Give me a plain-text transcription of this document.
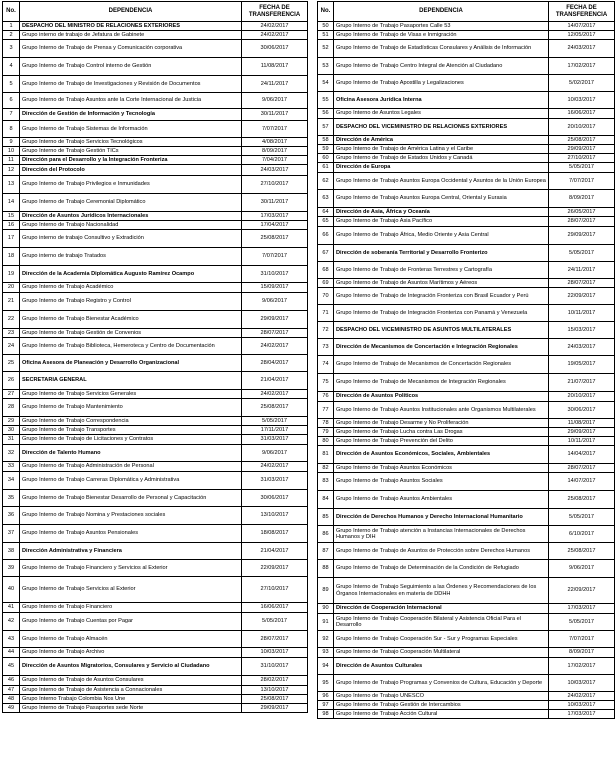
No.	DEPENDENCIA	FECHA DE TRANSFERENCIA
1	DESPACHO DEL MINISTRO DE RELACIONES EXTERIORES	24/02/2017
2	Grupo interno de trabajo de Jefatura de Gabinete	24/02/2017
3	Grupo Interno de Trabajo de Prensa y Comunicación corporativa	30/06/2017
4	Grupo Interno de Trabajo Control interno de Gestión	11/08/2017
5	Grupo Interno de Trabajo de Investigaciones y Revisión de Documentos	24/11/2017
6	Grupo Interno de Trabajo Asuntos ante la Corte Internacional de Justicia	9/06/2017
7	Dirección de Gestión de Información y Tecnología	30/11/2017
8	Grupo Interno de Trabajo Sistemas de Información	7/07/2017
9	Grupo Interno de Trabajo Servicios Tecnológicos	4/08/2017
10	Grupo Interno de Trabajo Gestión TICs	8/09/2017
11	Dirección para el Desarrollo y la Integración Fronteriza	7/04/2017
12	Dirección del Protocolo	24/03/2017
13	Grupo Interno de Trabajo Privilegios e Inmunidades	27/10/2017
14	Grupo Interno de Trabajo Ceremonial Diplomático	30/11/2017
15	Dirección de Asuntos Jurídicos Internacionales	17/03/2017
16	Grupo Interno de Trabajo Nacionalidad	17/04/2017
17	Grupo interno de trabajo Consultivo y Extradición	25/08/2017
18	Grupo interno de trabajo Tratados	7/07/2017
19	Dirección de la Academia Diplomática Augusto Ramírez Ocampo	31/10/2017
20	Grupo Interno de Trabajo Académico	15/09/2017
21	Grupo Interno de Trabajo Registro y Control	9/06/2017
22	Grupo Interno de Trabajo Bienestar Académico	29/09/2017
23	Grupo Interno de Trabajo Gestión de Convenios	28/07/2017
24	Grupo Interno de Trabajo Biblioteca, Hemeroteca y Centro de Documentación	24/02/2017
25	Oficina Asesora de Planeación y Desarrollo Organizacional	28/04/2017
26	SECRETARIA GENERAL	21/04/2017
27	Grupo Interno de Trabajo Servicios Generales	24/02/2017
28	Grupo Interno de Trabajo Mantenimiento	25/08/2017
29	Grupo Interno de Trabajo Correspondencia	5/05/2017
30	Grupo Interno de Trabajo Transportes	17/11/2017
31	Grupo Interno de Trabajo de Licitaciones y Contratos	31/03/2017
32	Dirección de Talento Humano	9/06/2017
33	Grupo Interno de Trabajo Administración de Personal	24/02/2017
34	Grupo Interno de Trabajo Carreras Diplomática y Administrativa	31/03/2017
35	Grupo Interno de Trabajo Bienestar Desarrollo de Personal y Capacitación	30/06/2017
36	Grupo Interno de Trabajo Nomina y Prestaciones sociales	13/10/2017
37	Grupo Interno de Trabajo Asuntos Pensionales	18/08/2017
38	Dirección Administrativa y Financiera	21/04/2017
39	Grupo Interno de Trabajo Financiero y Servicios al Exterior	22/09/2017
40	Grupo Interno de Trabajo Servicios al Exterior	27/10/2017
41	Grupo Interno de Trabajo Financiero	16/06/2017
42	Grupo Interno de Trabajo Cuentas por Pagar	5/05/2017
43	Grupo Interno de Trabajo Almacén	28/07/2017
44	Grupo Interno de Trabajo Archivo	10/03/2017
45	Dirección de Asuntos Migratorios, Consulares y Servicio al Ciudadano	31/10/2017
46	Grupo Interno de Trabajo de Asuntos Consulares	28/02/2017
47	Grupo Interno de Trabajo de Asistencia a Connacionales	13/10/2017
48	Grupo Interno Trabajo Colombia Nos Une	25/08/2017
49	Grupo Interno de Trabajo Pasaportes sede Norte	29/09/2017
No.	DEPENDENCIA	FECHA DE TRANSFERENCIA
50	Grupo Interno de Trabajo Pasaportes Calle 53	14/07/2017
51	Grupo Interno de Trabajo de Visas e Inmigración	12/05/2017
52	Grupo Interno de Trabajo de Estadísticas Consulares y Análisis de Información	24/03/2017
53	Grupo Interno de Trabajo Centro Integral de Atención al Ciudadano	17/02/2017
54	Grupo Interno de Trabajo Apostilla y Legalizaciones	5/02/2017
55	Oficina Asesora Jurídica Interna	10/03/2017
56	Grupo Interno de Asuntos Legales	16/06/2017
57	DESPACHO DEL VICEMINISTRO DE RELACIONES EXTERIORES	20/10/2017
58	Dirección de América	25/08/2017
59	Grupo Interno de Trabajo de América Latina y el Caribe	29/09/2017
60	Grupo Interno de Trabajo de Estados Unidos y Canadá	27/10/2017
61	Dirección de Europa	5/05/2017
62	Grupo Interno de Trabajo Asuntos Europa Occidental y Asuntos de la Unión Europea	7/07/2017
63	Grupo Interno de Trabajo Asuntos Europa Central, Oriental y Eurasia	8/09/2017
64	Dirección de Asia, África y Oceanía	26/05/2017
65	Grupo Interno de Trabajo Asia Pacífico	28/07/2017
66	Grupo Interno de Trabajo África, Medio Oriente y Asia Central	29/09/2017
67	Dirección de soberanía Territorial y Desarrollo Fronterizo	5/05/2017
68	Grupo Interno de Trabajo de Fronteras Terrestres y Cartografía	24/11/2017
69	Grupo Interno de Trabajo de Asuntos Marítimos y Aéreos	28/07/2017
70	Grupo Interno de Trabajo de Integración Fronteriza con Brasil Ecuador y Perú	22/09/2017
71	Grupo Interno de Trabajo de Integración Fronteriza con Panamá y Venezuela	10/11/2017
72	DESPACHO DEL VICEMINISTRO DE ASUNTOS MULTILATERALES	15/03/2017
73	Dirección de Mecanismos de Concertación e Integración Regionales	24/03/2017
74	Grupo Interno de Trabajo de Mecanismos de Concertación Regionales	19/05/2017
75	Grupo Interno de Trabajo de Mecanismos de Integración Regionales	21/07/2017
76	Dirección de Asuntos Políticos	20/10/2017
77	Grupo Interno de Trabajo Asuntos Institucionales ante Organismos Multilaterales	30/06/2017
78	Grupo Interno de Trabajo Desarme y No Proliferación	11/08/2017
79	Grupo Interno de Trabajo Lucha contra Las Drogas	29/09/2017
80	Grupo Interno de Trabajo Prevención del Delito	10/11/2017
81	Dirección de Asuntos Económicos, Sociales, Ambientales	14/04/2017
82	Grupo Interno de Trabajo Asuntos Económicos	28/07/2017
83	Grupo Interno de Trabajo Asuntos Sociales	14/07/2017
84	Grupo Interno de Trabajo Asuntos Ambientales	25/08/2017
85	Dirección de Derechos Humanos y Derecho Internacional Humanitario	5/05/2017
86	Grupo Interno de Trabajo atención a Instancias Internacionales de Derechos Humanos y DIH	6/10/2017
87	Grupo Interno de Trabajo de Asuntos de Protección sobre Derechos Humanos	25/08/2017
88	Grupo Interno de Trabajo de Determinación de la Condición de Refugiado	9/06/2017
89	Grupo Interno de Trabajo Seguimiento a las Órdenes y Recomendaciones de los Órganos Internacionales en materia de DDHH	22/09/2017
90	Dirección de Cooperación Internacional	17/03/2017
91	Grupo Interno de Trabajo Cooperación Bilateral y Asistencia Oficial Para el Desarrollo	5/05/2017
92	Grupo Interno de Trabajo Cooperación Sur - Sur y Programas Especiales	7/07/2017
93	Grupo Interno de Trabajo Cooperación Multilateral	8/09/2017
94	Dirección de Asuntos Culturales	17/02/2017
95	Grupo Interno de Trabajo Programas y Convenios de Cultura, Educación y Deporte	10/03/2017
96	Grupo Interno de Trabajo UNESCO	24/02/2017
97	Grupo Interno de Trabajo Gestión de Intercambios	10/03/2017
98	Grupo Interno de Trabajo Acción Cultural	17/03/2017
